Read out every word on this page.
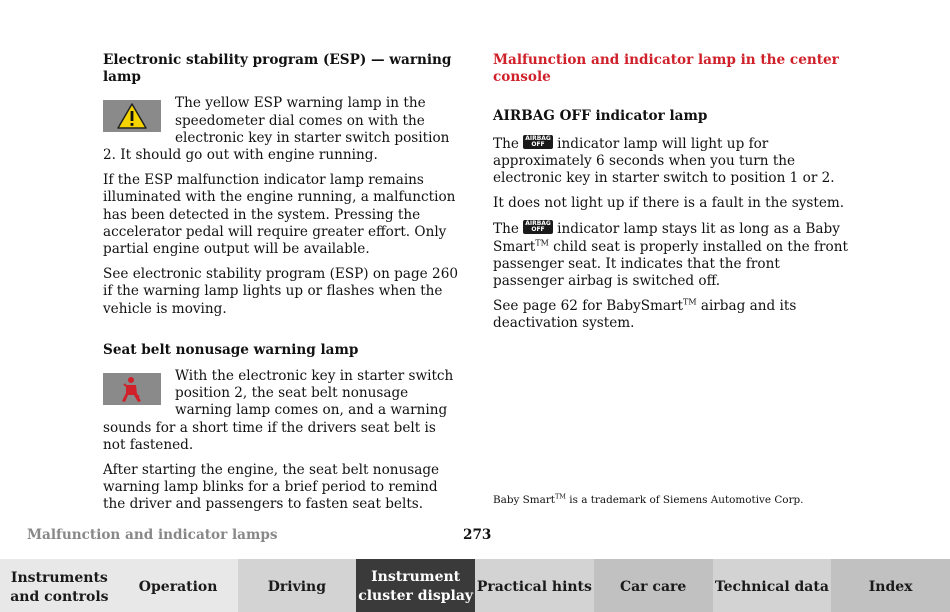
Electronic stability program (ESP) — warning lamp

The yellow ESP warning lamp in the speedometer dial comes on with the electronic key in starter switch position 2. It should go out with engine running.

If the ESP malfunction indicator lamp remains illuminated with the engine running, a malfunction has been detected in the system. Pressing the accelerator pedal will require greater effort. Only partial engine output will be available.

See electronic stability program (ESP) on page 260 if the warning lamp lights up or flashes when the vehicle is moving.

Seat belt nonusage warning lamp

With the electronic key in starter switch position 2, the seat belt nonusage warning lamp comes on, and a warning sounds for a short time if the drivers seat belt is not fastened.

After starting the engine, the seat belt nonusage warning lamp blinks for a brief period to remind the driver and passengers to fasten seat belts.

Malfunction and indicator lamp in the center console
AIRBAG OFF indicator lamp

The AIRBAG
OFF indicator lamp will light up for approximately 6 seconds when you turn the electronic key in starter switch to position 1 or 2.

It does not light up if there is a fault in the system.

The AIRBAG
OFF indicator lamp stays lit as long as a Baby Smart™ child seat is properly installed on the front passenger seat. It indicates that the front passenger airbag is switched off.

See page 62 for BabySmart™ airbag and its deactivation system.

Baby Smart™ is a trademark of Siemens Automotive Corp.
Malfunction and indicator lamps	273
Instruments and controls
Operation	Driving
Instrument cluster display
Practical hints	Car care	Technical data	Index
